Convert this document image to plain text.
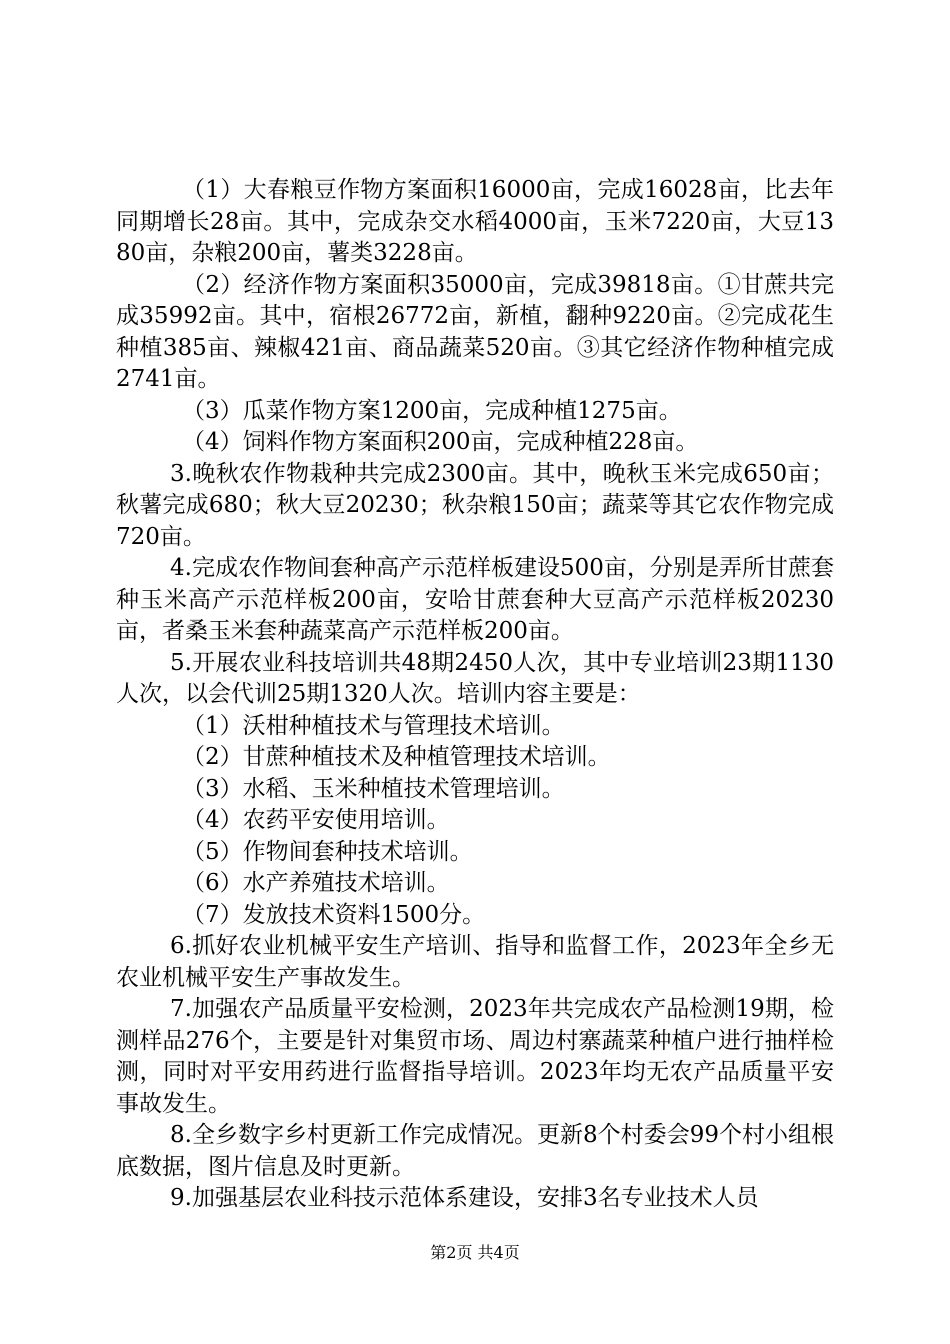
（1）大春粮豆作物方案面积16000亩，完成16028亩，比去年同期增长28亩。其中，完成杂交水稻4000亩，玉米7220亩，大豆1380亩，杂粮200亩，薯类3228亩。

（2）经济作物方案面积35000亩，完成39818亩。①甘蔗共完成35992亩。其中，宿根26772亩，新植，翻种9220亩。②完成花生种植385亩、辣椒421亩、商品蔬菜520亩。③其它经济作物种植完成2741亩。

（3）瓜菜作物方案1200亩，完成种植1275亩。

（4）饲料作物方案面积200亩，完成种植228亩。

3.晚秋农作物栽种共完成2300亩。其中，晚秋玉米完成650亩；秋薯完成680；秋大豆20230；秋杂粮150亩；蔬菜等其它农作物完成720亩。

4.完成农作物间套种高产示范样板建设500亩，分别是弄所甘蔗套种玉米高产示范样板200亩，安哈甘蔗套种大豆高产示范样板20230亩，者桑玉米套种蔬菜高产示范样板200亩。

5.开展农业科技培训共48期2450人次，其中专业培训23期1130人次，以会代训25期1320人次。培训内容主要是：

（1）沃柑种植技术与管理技术培训。

（2）甘蔗种植技术及种植管理技术培训。

（3）水稻、玉米种植技术管理培训。

（4）农药平安使用培训。

（5）作物间套种技术培训。

（6）水产养殖技术培训。

（7）发放技术资料1500分。

6.抓好农业机械平安生产培训、指导和监督工作，2023年全乡无农业机械平安生产事故发生。

7.加强农产品质量平安检测，2023年共完成农产品检测19期，检测样品276个，主要是针对集贸市场、周边村寨蔬菜种植户进行抽样检测，同时对平安用药进行监督指导培训。2023年均无农产品质量平安事故发生。

8.全乡数字乡村更新工作完成情况。更新8个村委会99个村小组根底数据，图片信息及时更新。

9.加强基层农业科技示范体系建设，安排3名专业技术人员

第2页 共4页
